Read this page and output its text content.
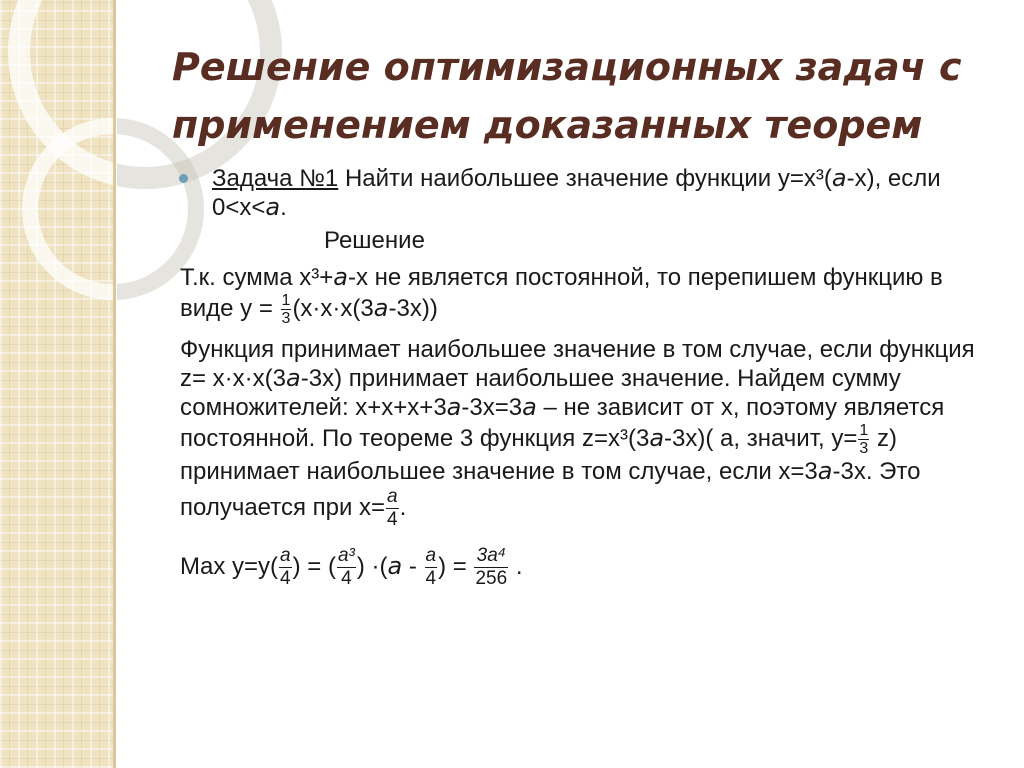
Решение оптимизационных задач с применением доказанных теорем
Задача №1 Найти наибольшее значение функции у=х³(а-х), если 0<х<а.
Решение
Т.к. сумма х³+а-х не является постоянной, то перепишем функцию в виде $у = \frac{1}{3} (х\cdot х\cdot х(3а-3х))$
Функция принимает наибольшее значение в том случае, если функция z= х·х·х(3а-3х) принимает наибольшее значение. Найдем сумму сомножителей: х+х+х+3а-3х=3а – не зависит от х, поэтому является постоянной. По теореме 3 функция z=х³(3а-3х)( а, значит, $у= \frac{1}{3} z$) принимает наибольшее значение в том случае, если х=3а-3х. Это получается при $х= \frac{a}{4}$ .
Max $у=у( \frac{a}{4}$ ) = ( $\frac{\text{a³}}{4}$ ) $\cdot(а - \frac{a}{4}$ ) = $\frac{\text{3a⁴}}{256}$ .
